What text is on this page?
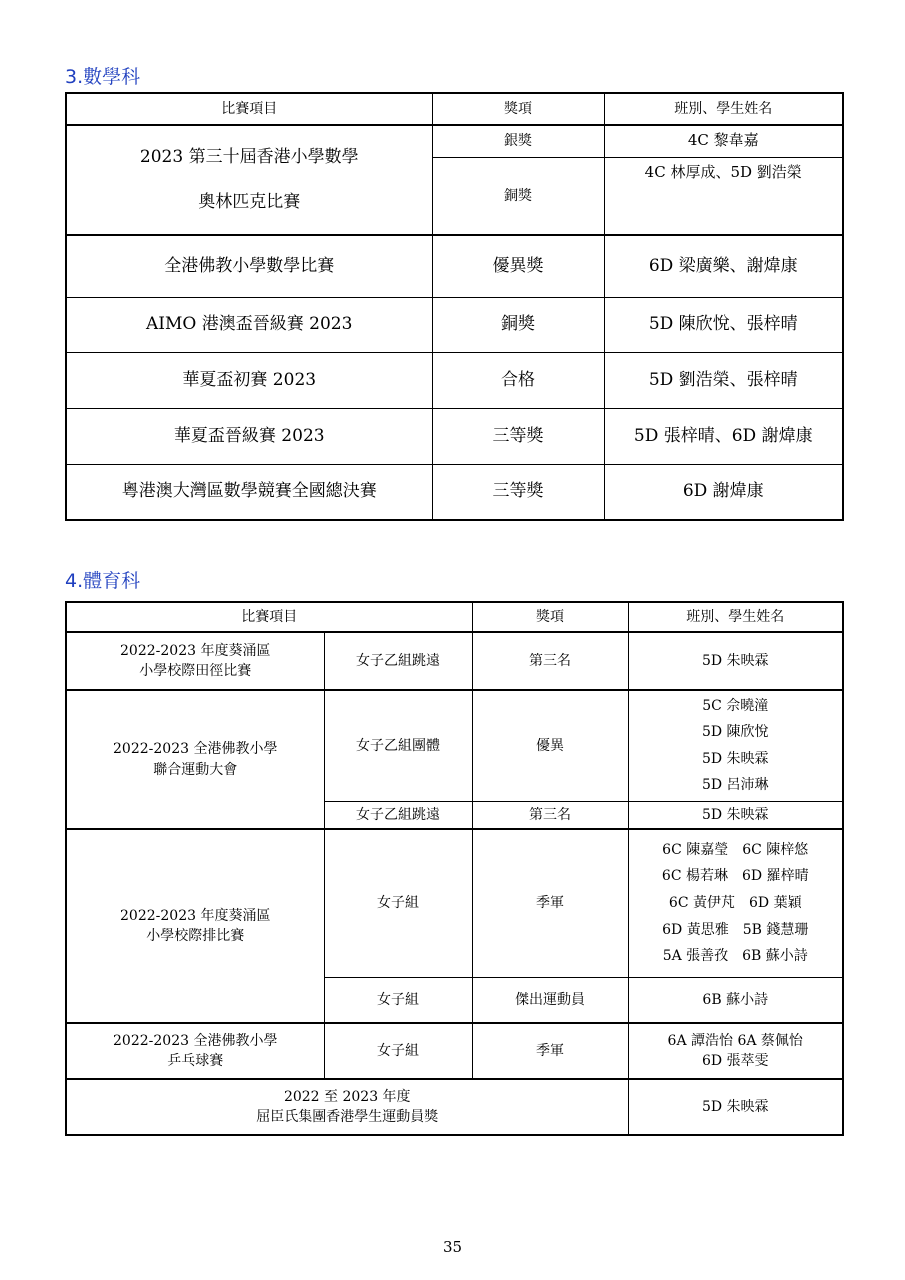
3.數學科
比賽項目	獎項	班別、學生姓名

2023 第三十屆香港小學數學
奧林匹克比賽	銀獎	4C 黎韋嘉
	銅獎	4C 林厚成、5D 劉浩榮
全港佛教小學數學比賽	優異獎	6D 梁廣樂、謝煒康
AIMO 港澳盃晉級賽 2023	銅獎	5D 陳欣悅、張梓晴
華夏盃初賽 2023	合格	5D 劉浩榮、張梓晴
華夏盃晉級賽 2023	三等獎	5D 張梓晴、6D 謝煒康
粵港澳大灣區數學競賽全國總決賽	三等獎	6D 謝煒康
4.體育科
比賽項目		獎項	班別、學生姓名

2022-2023 年度葵涌區
小學校際田徑比賽	女子乙組跳遠	第三名	5D 朱映霖

2022-2023 全港佛教小學
聯合運動大會	女子乙組團體	優異	5C 佘曉潼
5D 陳欣悅
5D 朱映霖
5D 呂沛琳

	女子乙組跳遠	第三名	5D 朱映霖

2022-2023 年度葵涌區
小學校際排比賽	女子組	季軍	6C 陳嘉瑩　6C 陳梓悠
6C 楊若琳　6D 羅梓晴
6C 黃伊芃　6D 葉穎
6D 黃思雅　5B 錢慧珊
5A 張善孜　6B 蘇小詩

	女子組	傑出運動員	6B 蘇小詩

2022-2023 全港佛教小學
乒乓球賽	女子組	季軍	6A 譚浩怡 6A 蔡佩怡
6D 張萃雯

2022 至 2023 年度
屈臣氏集團香港學生運動員獎			5D 朱映霖
35
